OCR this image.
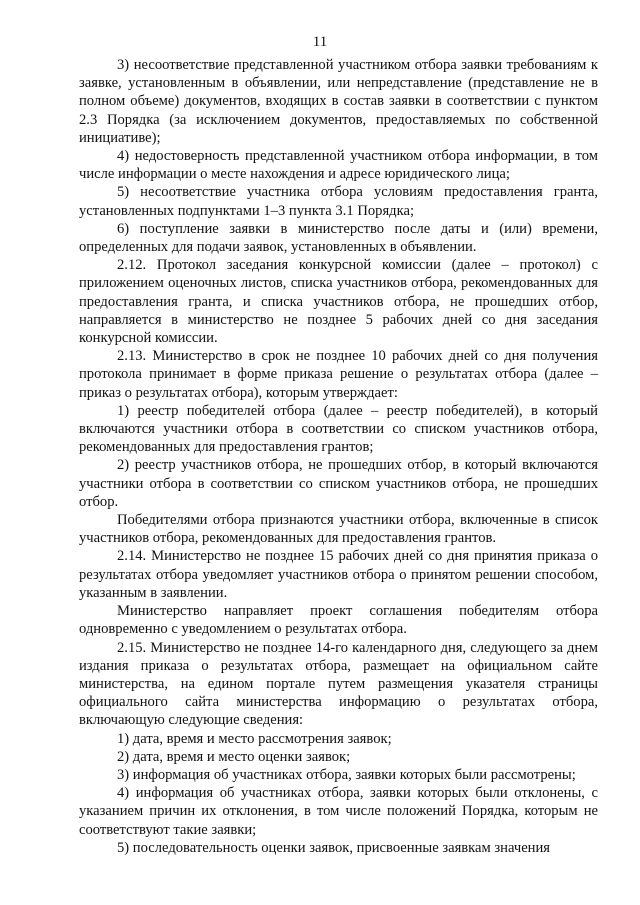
11

3) несоответствие представленной участником отбора заявки требованиям к заявке, установленным в объявлении, или непредставление (представление не в полном объеме) документов, входящих в состав заявки в соответствии с пунктом 2.3 Порядка (за исключением документов, предоставляемых по собственной инициативе);

4) недостоверность представленной участником отбора информации, в том числе информации о месте нахождения и адресе юридического лица;

5) несоответствие участника отбора условиям предоставления гранта, установленных подпунктами 1–3 пункта 3.1 Порядка;

6) поступление заявки в министерство после даты и (или) времени, определенных для подачи заявок, установленных в объявлении.

2.12. Протокол заседания конкурсной комиссии (далее – протокол) с приложением оценочных листов, списка участников отбора, рекомендованных для предоставления гранта, и списка участников отбора, не прошедших отбор, направляется в министерство не позднее 5 рабочих дней со дня заседания конкурсной комиссии.

2.13. Министерство в срок не позднее 10 рабочих дней со дня получения протокола принимает в форме приказа решение о результатах отбора (далее – приказ о результатах отбора), которым утверждает:

1) реестр победителей отбора (далее – реестр победителей), в который включаются участники отбора в соответствии со списком участников отбора, рекомендованных для предоставления грантов;

2) реестр участников отбора, не прошедших отбор, в который включаются участники отбора в соответствии со списком участников отбора, не прошедших отбор.

Победителями отбора признаются участники отбора, включенные в список участников отбора, рекомендованных для предоставления грантов.

2.14. Министерство не позднее 15 рабочих дней со дня принятия приказа о результатах отбора уведомляет участников отбора о принятом решении способом, указанным в заявлении.

Министерство направляет проект соглашения победителям отбора одновременно с уведомлением о результатах отбора.

2.15. Министерство не позднее 14-го календарного дня, следующего за днем издания приказа о результатах отбора, размещает на официальном сайте министерства, на едином портале путем размещения указателя страницы официального сайта министерства информацию о результатах отбора, включающую следующие сведения:

1) дата, время и место рассмотрения заявок;

2) дата, время и место оценки заявок;

3) информация об участниках отбора, заявки которых были рассмотрены;

4) информация об участниках отбора, заявки которых были отклонены, с указанием причин их отклонения, в том числе положений Порядка, которым не соответствуют такие заявки;

5) последовательность оценки заявок, присвоенные заявкам значения
